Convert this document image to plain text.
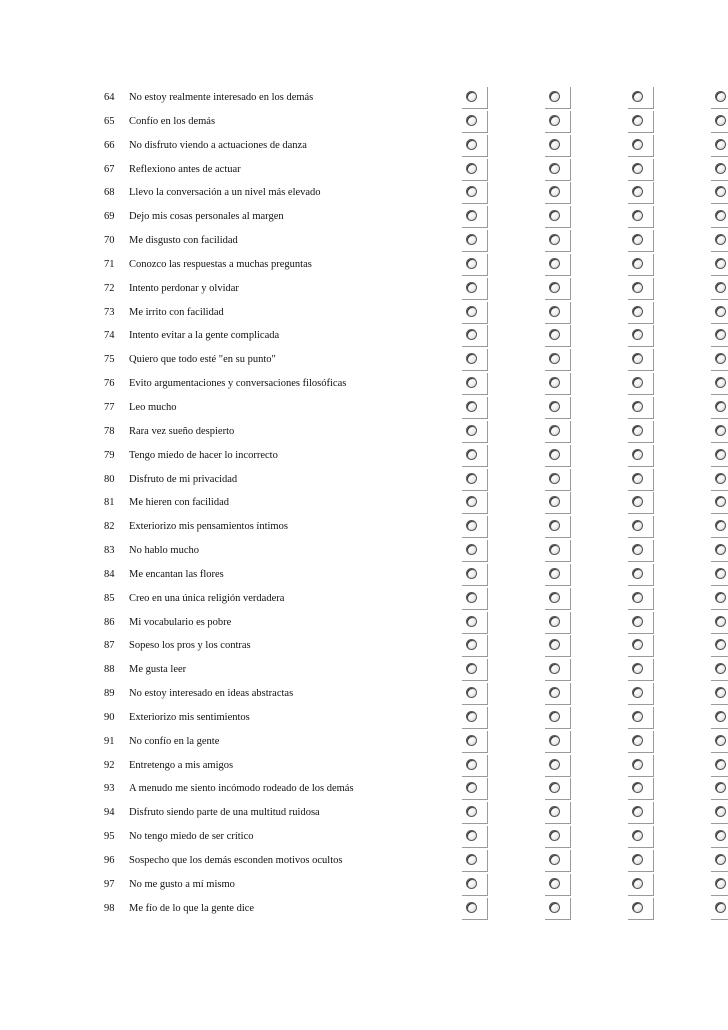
64 No estoy realmente interesado en los demás
65 Confío en los demás
66 No disfruto viendo a actuaciones de danza
67 Reflexiono antes de actuar
68 Llevo la conversación a un nivel más elevado
69 Dejo mis cosas personales al margen
70 Me disgusto con facilidad
71 Conozco las respuestas a muchas preguntas
72 Intento perdonar y olvidar
73 Me irrito con facilidad
74 Intento evitar a la gente complicada
75 Quiero que todo esté "en su punto"
76 Evito argumentaciones y conversaciones filosóficas
77 Leo mucho
78 Rara vez sueño despierto
79 Tengo miedo de hacer lo incorrecto
80 Disfruto de mi privacidad
81 Me hieren con facilidad
82 Exteriorizo mis pensamientos íntimos
83 No hablo mucho
84 Me encantan las flores
85 Creo en una única religión verdadera
86 Mi vocabulario es pobre
87 Sopeso los pros y los contras
88 Me gusta leer
89 No estoy interesado en ideas abstractas
90 Exteriorizo mis sentimientos
91 No confío en la gente
92 Entretengo a mis amigos
93 A menudo me siento incómodo rodeado de los demás
94 Disfruto siendo parte de una multitud ruidosa
95 No tengo miedo de ser crítico
96 Sospecho que los demás esconden motivos ocultos
97 No me gusto a mí mismo
98 Me fío de lo que la gente dice
